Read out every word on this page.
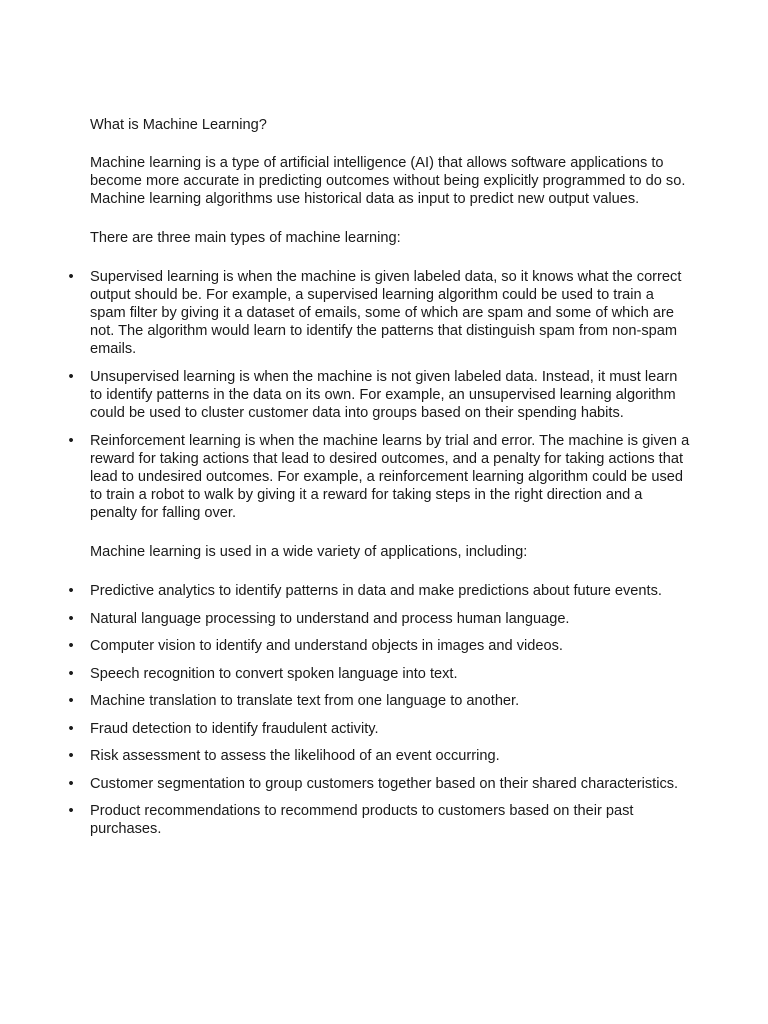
What is Machine Learning?

Machine learning is a type of artificial intelligence (AI) that allows software applications to become more accurate in predicting outcomes without being explicitly programmed to do so. Machine learning algorithms use historical data as input to predict new output values.

There are three main types of machine learning:

• Supervised learning is when the machine is given labeled data, so it knows what the correct output should be. For example, a supervised learning algorithm could be used to train a spam filter by giving it a dataset of emails, some of which are spam and some of which are not. The algorithm would learn to identify the patterns that distinguish spam from non-spam emails.
• Unsupervised learning is when the machine is not given labeled data. Instead, it must learn to identify patterns in the data on its own. For example, an unsupervised learning algorithm could be used to cluster customer data into groups based on their spending habits.
• Reinforcement learning is when the machine learns by trial and error. The machine is given a reward for taking actions that lead to desired outcomes, and a penalty for taking actions that lead to undesired outcomes. For example, a reinforcement learning algorithm could be used to train a robot to walk by giving it a reward for taking steps in the right direction and a penalty for falling over.

Machine learning is used in a wide variety of applications, including:

• Predictive analytics to identify patterns in data and make predictions about future events.
• Natural language processing to understand and process human language.
• Computer vision to identify and understand objects in images and videos.
• Speech recognition to convert spoken language into text.
• Machine translation to translate text from one language to another.
• Fraud detection to identify fraudulent activity.
• Risk assessment to assess the likelihood of an event occurring.
• Customer segmentation to group customers together based on their shared characteristics.
• Product recommendations to recommend products to customers based on their past purchases.
